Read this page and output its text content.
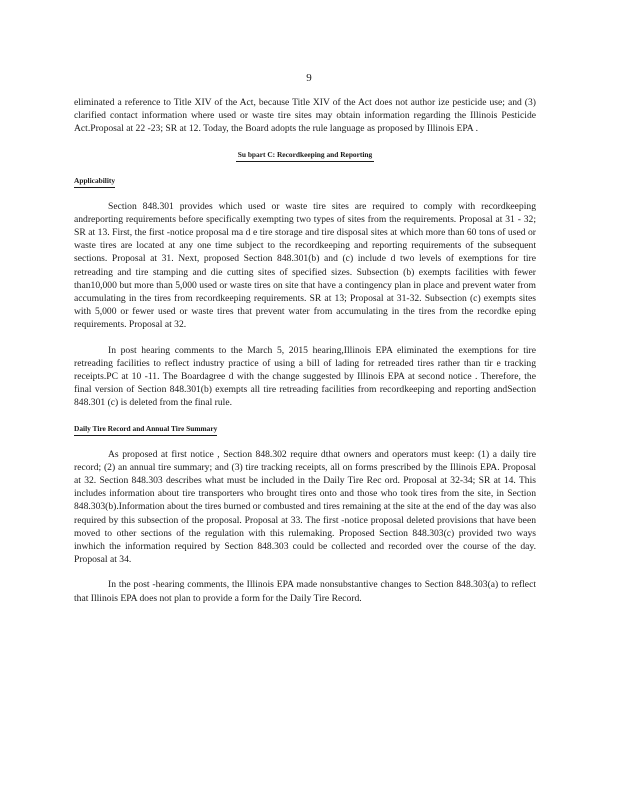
9

eliminated a reference to Title XIV of the Act, because Title XIV of the Act does not author ize pesticide use; and (3) clarified contact information where used or waste tire sites may obtain information regarding the Illinois Pesticide Act.Proposal at 22 -23; SR at 12. Today, the Board adopts the rule language as proposed by Illinois EPA .

Su bpart C: Recordkeeping and Reporting

Applicability

Section 848.301 provides which used or waste tire sites are required to comply with recordkeeping andreporting requirements before specifically exempting two types of sites from the requirements. Proposal at 31 - 32; SR at 13. First, the first -notice proposal ma d e tire storage and tire disposal sites at which more than 60 tons of used or waste tires are located at any one time subject to the recordkeeping and reporting requirements of the subsequent sections. Proposal at 31. Next, proposed Section 848.301(b) and (c) include d two levels of exemptions for tire retreading and tire stamping and die cutting sites of specified sizes. Subsection (b) exempts facilities with fewer than10,000 but more than 5,000 used or waste tires on site that have a contingency plan in place and prevent water from accumulating in the tires from recordkeeping requirements. SR at 13; Proposal at 31-32. Subsection (c) exempts sites with 5,000 or fewer used or waste tires that prevent water from accumulating in the tires from the recordke eping requirements. Proposal at 32.

In post hearing comments to the March 5, 2015 hearing,Illinois EPA eliminated the exemptions for tire retreading facilities to reflect industry practice of using a bill of lading for retreaded tires rather than tir e tracking receipts.PC at 10 -11. The Boardagree d with the change suggested by Illinois EPA at second notice . Therefore, the final version of Section 848.301(b) exempts all tire retreading facilities from recordkeeping and reporting andSection 848.301 (c) is deleted from the final rule.

Daily Tire Record and Annual Tire Summary

As proposed at first notice , Section 848.302 require dthat owners and operators must keep: (1) a daily tire record; (2) an annual tire summary; and (3) tire tracking receipts, all on forms prescribed by the Illinois EPA. Proposal at 32. Section 848.303 describes what must be included in the Daily Tire Rec ord. Proposal at 32-34; SR at 14. This includes information about tire transporters who brought tires onto and those who took tires from the site, in Section 848.303(b).Information about the tires burned or combusted and tires remaining at the site at the end of the day was also required by this subsection of the proposal. Proposal at 33. The first -notice proposal deleted provisions that have been moved to other sections of the regulation with this rulemaking. Proposed Section 848.303(c) provided two ways inwhich the information required by Section 848.303 could be collected and recorded over the course of the day. Proposal at 34.

In the post -hearing comments, the Illinois EPA made nonsubstantive changes to Section 848.303(a) to reflect that Illinois EPA does not plan to provide a form for the Daily Tire Record.
